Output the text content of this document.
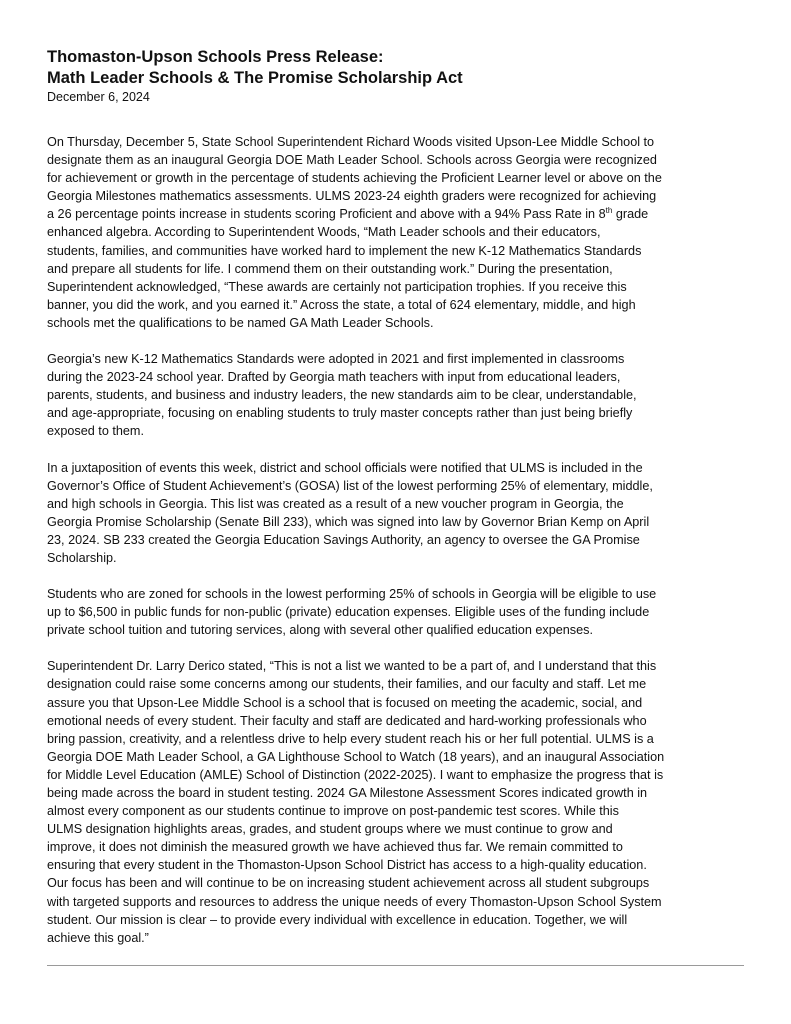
Thomaston-Upson Schools Press Release:
Math Leader Schools & The Promise Scholarship Act
December 6, 2024
On Thursday, December 5, State School Superintendent Richard Woods visited Upson-Lee Middle School to
designate them as an inaugural Georgia DOE Math Leader School. Schools across Georgia were recognized
for achievement or growth in the percentage of students achieving the Proficient Learner level or above on the
Georgia Milestones mathematics assessments. ULMS 2023-24 eighth graders were recognized for achieving
a 26 percentage points increase in students scoring Proficient and above with a 94% Pass Rate in 8th grade
enhanced algebra. According to Superintendent Woods, “Math Leader schools and their educators,
students, families, and communities have worked hard to implement the new K-12 Mathematics Standards
and prepare all students for life. I commend them on their outstanding work.” During the presentation,
Superintendent acknowledged, “These awards are certainly not participation trophies. If you receive this
banner, you did the work, and you earned it.” Across the state, a total of 624 elementary, middle, and high
schools met the qualifications to be named GA Math Leader Schools.
Georgia’s new K-12 Mathematics Standards were adopted in 2021 and first implemented in classrooms
during the 2023-24 school year. Drafted by Georgia math teachers with input from educational leaders,
parents, students, and business and industry leaders, the new standards aim to be clear, understandable,
and age-appropriate, focusing on enabling students to truly master concepts rather than just being briefly
exposed to them.
In a juxtaposition of events this week, district and school officials were notified that ULMS is included in the
Governor’s Office of Student Achievement’s (GOSA) list of the lowest performing 25% of elementary, middle,
and high schools in Georgia. This list was created as a result of a new voucher program in Georgia, the
Georgia Promise Scholarship (Senate Bill 233), which was signed into law by Governor Brian Kemp on April
23, 2024. SB 233 created the Georgia Education Savings Authority, an agency to oversee the GA Promise
Scholarship.
Students who are zoned for schools in the lowest performing 25% of schools in Georgia will be eligible to use
up to $6,500 in public funds for non-public (private) education expenses. Eligible uses of the funding include
private school tuition and tutoring services, along with several other qualified education expenses.
Superintendent Dr. Larry Derico stated, “This is not a list we wanted to be a part of, and I understand that this
designation could raise some concerns among our students, their families, and our faculty and staff. Let me
assure you that Upson-Lee Middle School is a school that is focused on meeting the academic, social, and
emotional needs of every student. Their faculty and staff are dedicated and hard-working professionals who
bring passion, creativity, and a relentless drive to help every student reach his or her full potential. ULMS is a
Georgia DOE Math Leader School, a GA Lighthouse School to Watch (18 years), and an inaugural Association
for Middle Level Education (AMLE) School of Distinction (2022-2025). I want to emphasize the progress that is
being made across the board in student testing. 2024 GA Milestone Assessment Scores indicated growth in
almost every component as our students continue to improve on post-pandemic test scores. While this
ULMS designation highlights areas, grades, and student groups where we must continue to grow and
improve, it does not diminish the measured growth we have achieved thus far. We remain committed to
ensuring that every student in the Thomaston-Upson School District has access to a high-quality education.
Our focus has been and will continue to be on increasing student achievement across all student subgroups
with targeted supports and resources to address the unique needs of every Thomaston-Upson School System
student. Our mission is clear – to provide every individual with excellence in education. Together, we will
achieve this goal.”
